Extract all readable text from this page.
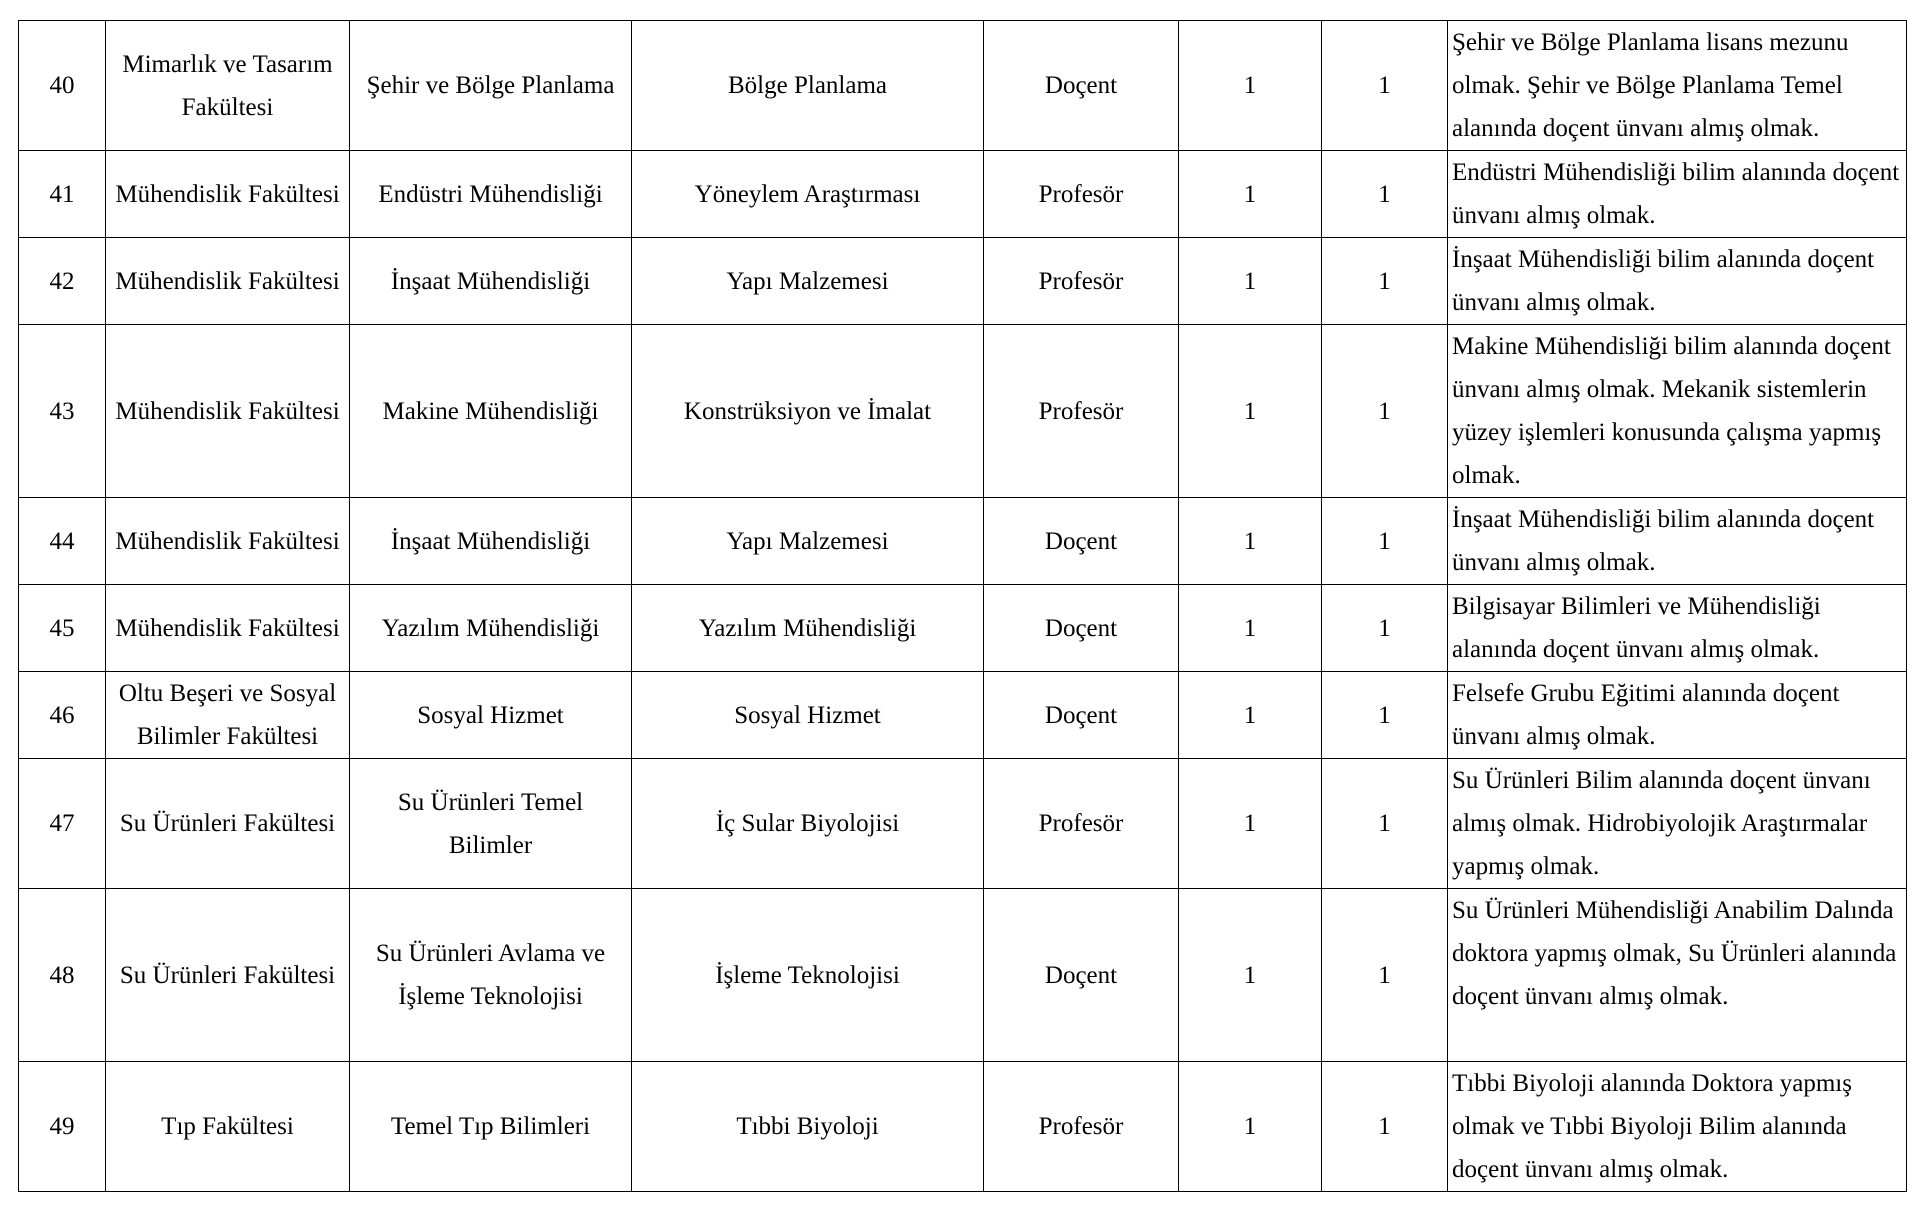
40	Mimarlık ve Tasarım Fakültesi	Şehir ve Bölge Planlama	Bölge Planlama	Doçent	1	1	Şehir ve Bölge Planlama lisans mezunu olmak. Şehir ve Bölge Planlama Temel alanında doçent ünvanı almış olmak.
41	Mühendislik Fakültesi	Endüstri Mühendisliği	Yöneylem Araştırması	Profesör	1	1	Endüstri Mühendisliği bilim alanında doçent ünvanı almış olmak.
42	Mühendislik Fakültesi	İnşaat Mühendisliği	Yapı Malzemesi	Profesör	1	1	İnşaat Mühendisliği bilim alanında doçent ünvanı almış olmak.
43	Mühendislik Fakültesi	Makine Mühendisliği	Konstrüksiyon ve İmalat	Profesör	1	1	Makine Mühendisliği bilim alanında doçent ünvanı almış olmak. Mekanik sistemlerin yüzey işlemleri konusunda çalışma yapmış olmak.
44	Mühendislik Fakültesi	İnşaat Mühendisliği	Yapı Malzemesi	Doçent	1	1	İnşaat Mühendisliği bilim alanında doçent ünvanı almış olmak.
45	Mühendislik Fakültesi	Yazılım Mühendisliği	Yazılım Mühendisliği	Doçent	1	1	Bilgisayar Bilimleri ve Mühendisliği alanında doçent ünvanı almış olmak.
46	Oltu Beşeri ve Sosyal Bilimler Fakültesi	Sosyal Hizmet	Sosyal Hizmet	Doçent	1	1	Felsefe Grubu Eğitimi alanında doçent ünvanı almış olmak.
47	Su Ürünleri Fakültesi	Su Ürünleri Temel Bilimler	İç Sular Biyolojisi	Profesör	1	1	Su Ürünleri Bilim alanında doçent ünvanı almış olmak. Hidrobiyolojik Araştırmalar yapmış olmak.
48	Su Ürünleri Fakültesi	Su Ürünleri Avlama ve İşleme Teknolojisi	İşleme Teknolojisi	Doçent	1	1	Su Ürünleri Mühendisliği Anabilim Dalında doktora yapmış olmak, Su Ürünleri alanında doçent ünvanı almış olmak.
49	Tıp Fakültesi	Temel Tıp Bilimleri	Tıbbi Biyoloji	Profesör	1	1	Tıbbi Biyoloji alanında Doktora yapmış olmak ve Tıbbi Biyoloji Bilim alanında doçent ünvanı almış olmak.
